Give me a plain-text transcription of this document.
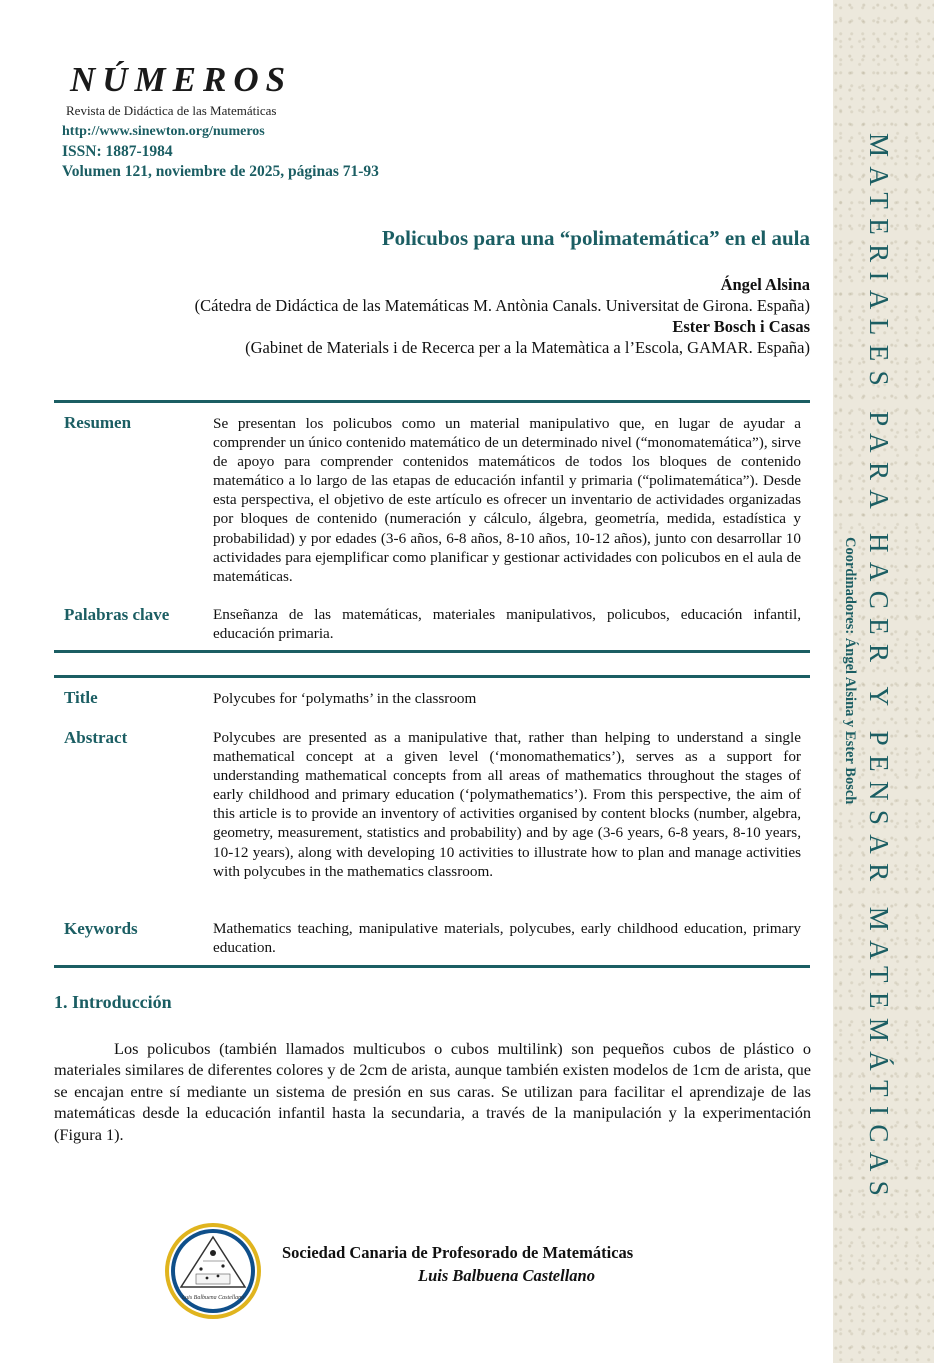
NÚMEROS
Revista de Didáctica de las Matemáticas
http://www.sinewton.org/numeros
ISSN: 1887-1984
Volumen 121, noviembre de 2025, páginas 71-93
Policubos para una “polimatemática” en el aula
Ángel Alsina
(Cátedra de Didáctica de las Matemáticas M. Antònia Canals. Universitat de Girona. España)
Ester Bosch i Casas
(Gabinet de Materials i de Recerca per a la Matemàtica a l’Escola, GAMAR. España)
Resumen	Se presentan los policubos como un material manipulativo que, en lugar de ayudar a comprender un único contenido matemático de un determinado nivel (“monomatemática”), sirve de apoyo para comprender contenidos matemáticos de todos los bloques de contenido matemático a lo largo de las etapas de educación infantil y primaria (“polimatemática”). Desde esta perspectiva, el objetivo de este artículo es ofrecer un inventario de actividades organizadas por bloques de contenido (numeración y cálculo, álgebra, geometría, medida, estadística y probabilidad) y por edades (3-6 años, 6-8 años, 8-10 años, 10-12 años), junto con desarrollar 10 actividades para ejemplificar como planificar y gestionar actividades con policubos en el aula de matemáticas.
Palabras clave	Enseñanza de las matemáticas, materiales manipulativos, policubos, educación infantil, educación primaria.
Title	Polycubes for ‘polymaths’ in the classroom
Abstract	Polycubes are presented as a manipulative that, rather than helping to understand a single mathematical concept at a given level (‘monomathematics’), serves as a support for understanding mathematical concepts from all areas of mathematics throughout the stages of early childhood and primary education (‘polymathematics’). From this perspective, the aim of this article is to provide an inventory of activities organised by content blocks (number, algebra, geometry, measurement, statistics and probability) and by age (3-6 years, 6-8 years, 8-10 years, 10-12 years), along with developing 10 activities to illustrate how to plan and manage activities with polycubes in the mathematics classroom.
Keywords	Mathematics teaching, manipulative materials, polycubes, early childhood education, primary education.
1. Introducción
Los policubos (también llamados multicubos o cubos multilink) son pequeños cubos de plástico o materiales similares de diferentes colores y de 2cm de arista, aunque también existen modelos de 1cm de arista, que se encajan entre sí mediante un sistema de presión en sus caras. Se utilizan para facilitar el aprendizaje de las matemáticas desde la educación infantil hasta la secundaria, a través de la manipulación y la experimentación (Figura 1).
Luis Balbuena Castellano
Sociedad Canaria de Profesorado de Matemáticas
Luis Balbuena Castellano
MATERIALES PARA HACER Y PENSAR MATEMÁTICAS
Coordinadores: Ángel Alsina y Ester Bosch
